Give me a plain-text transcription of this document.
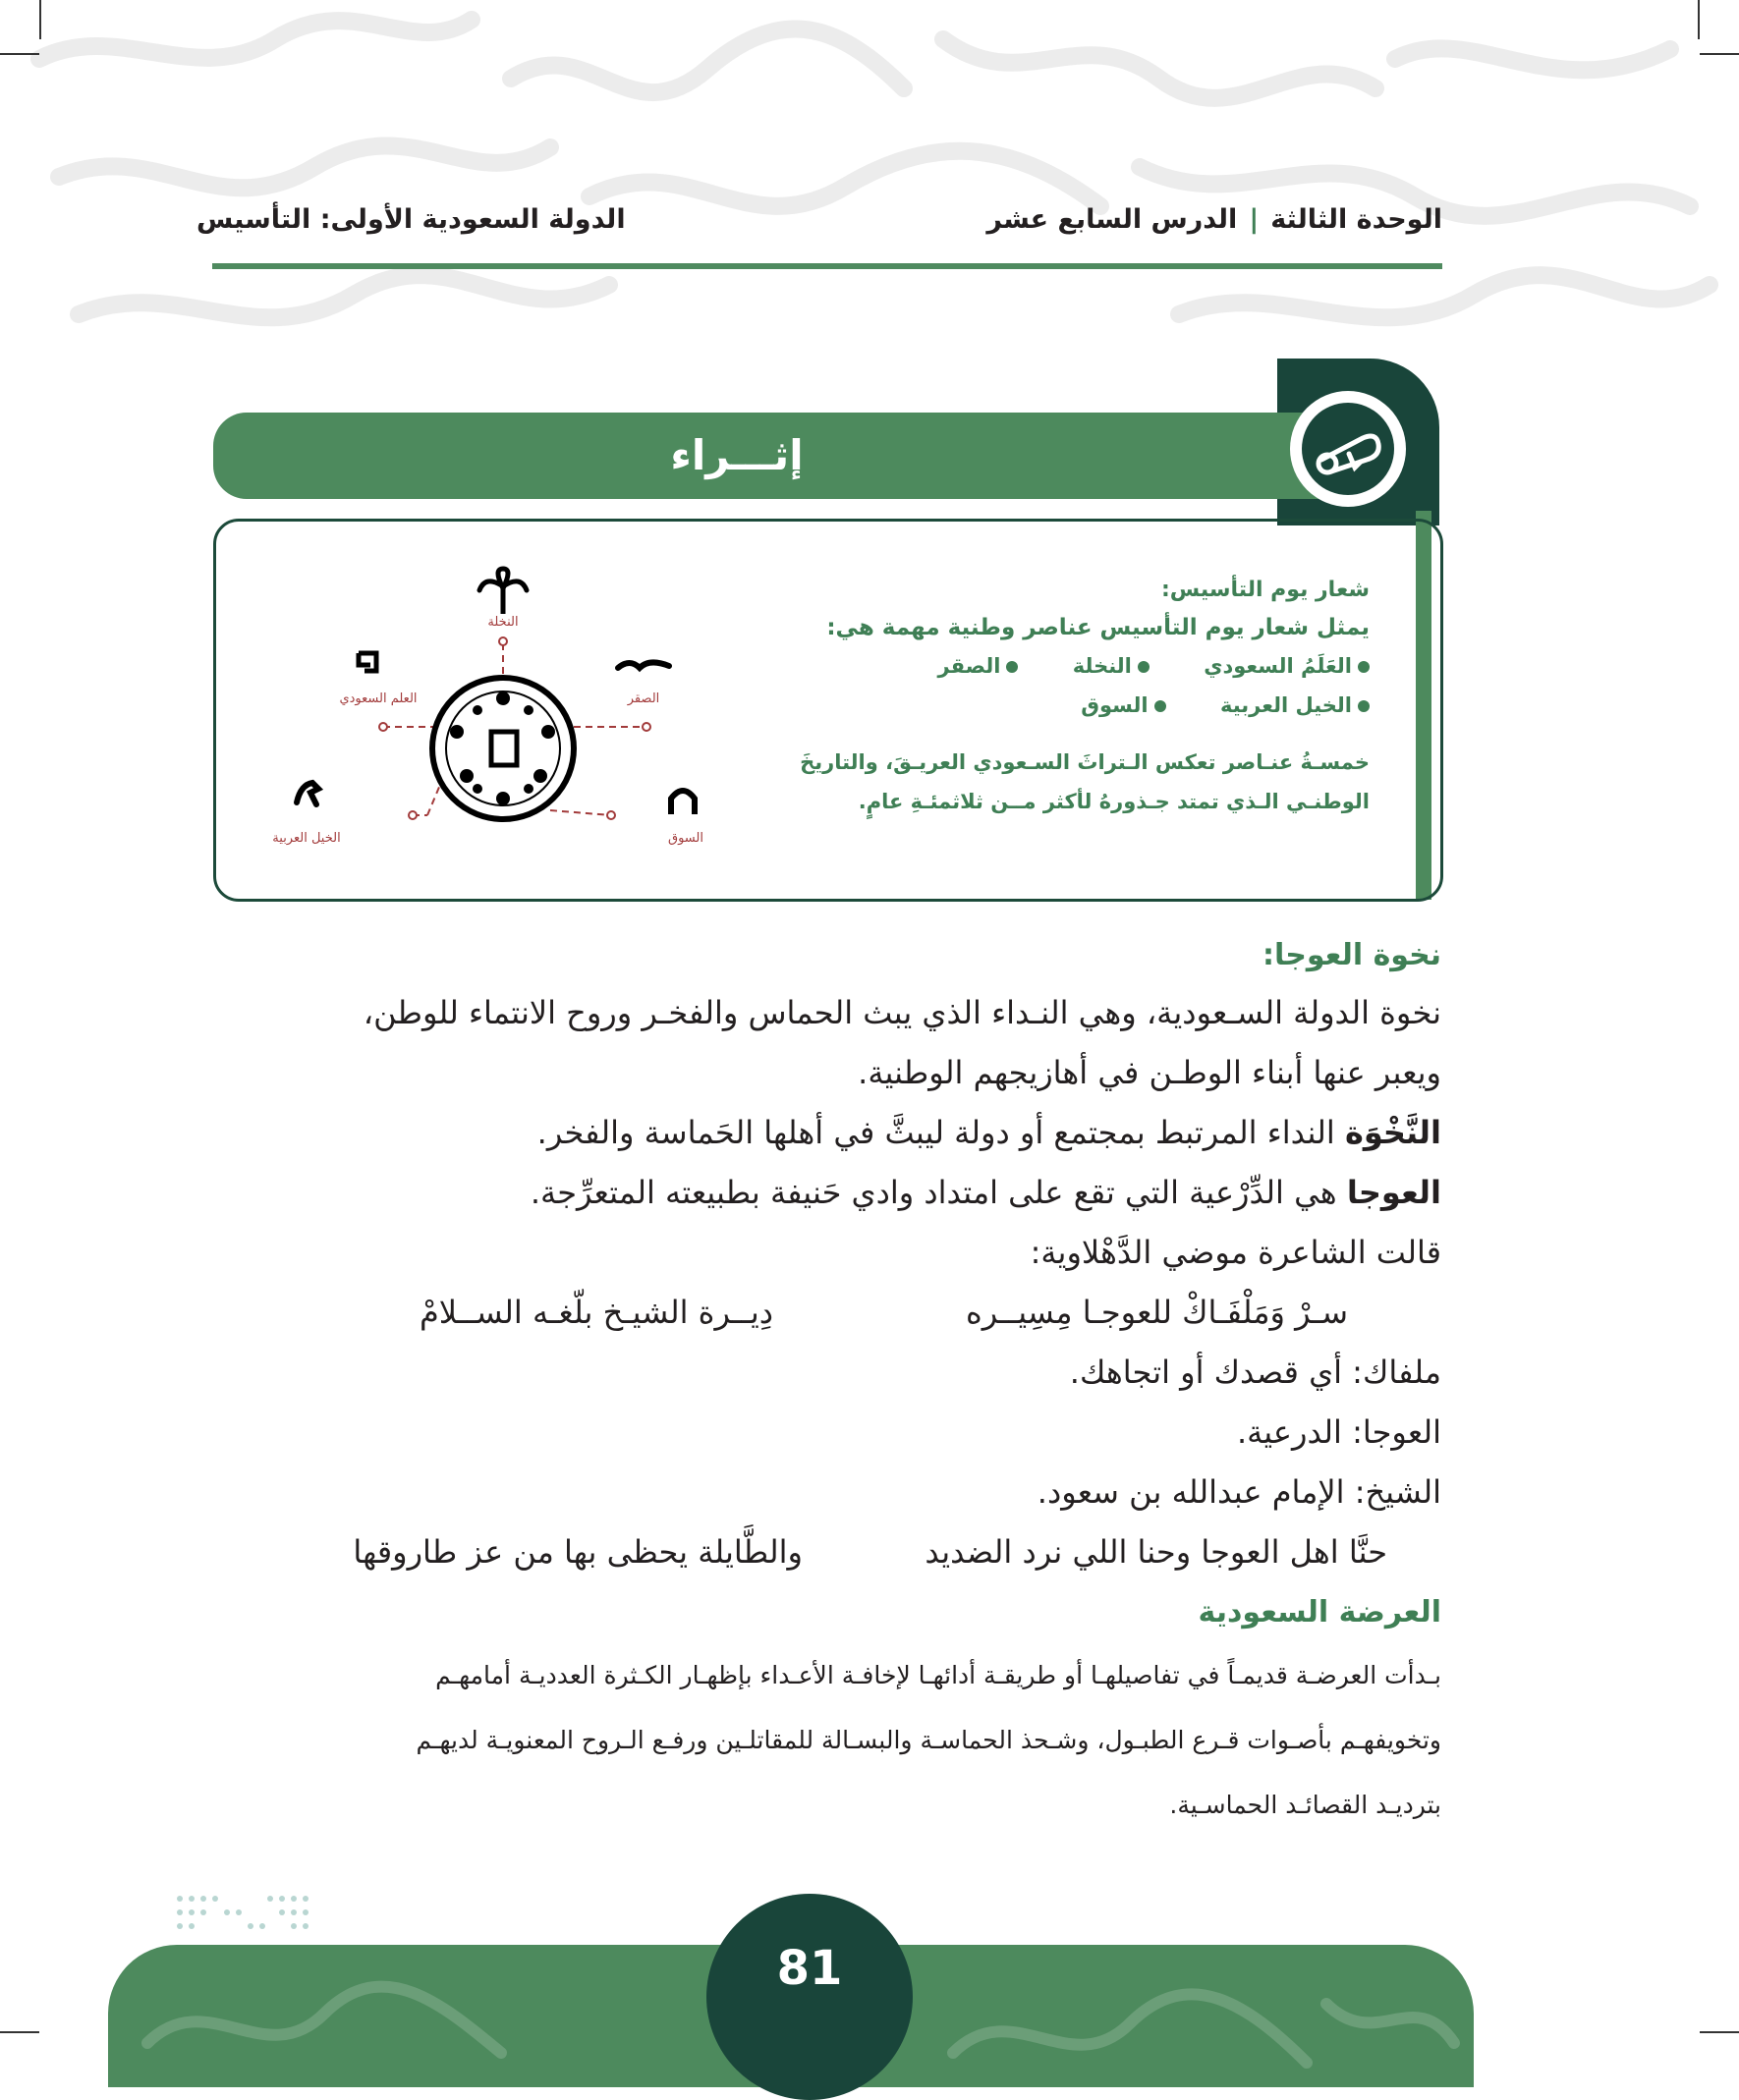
الوحدة الثالثة|الدرس السابع عشر
الدولة السعودية الأولى: التأسيس
إثـــراء
شعار يوم التأسيس:
يمثل شعار يوم التأسيس عناصر وطنية مهمة هي:
العَلَمُ السعودي النخلة الصقر
الخيل العربية السوق
خمسـةُ عنـاصر تعكس الـتراثَ السـعودي العريـقَ، والتاريخَ
الوطنـي الـذي تمتد جـذورهُ لأكثر مــن ثلاثمئـةِ عامٍ.
النخلة
العلم السعودي	الصقر
الخيل العربية	السوق
نخوة العوجا:

نخوة الدولة السـعودية، وهي النـداء الذي يبث الحماس والفخـر وروح الانتماء للوطن،

ويعبر عنها أبناء الوطـن في أهازيجهم الوطنية.

النَّخْوَة النداء المرتبط بمجتمع أو دولة ليبثَّ في أهلها الحَماسة والفخر.

العوجا هي الدِّرْعية التي تقع على امتداد وادي حَنيفة بطبيعته المتعرِّجة.

قالت الشاعرة موضي الدَّهْلاوية:

سـرْ وَمَلْفَـاكْ للعوجـا مِسِيــره
دِيــرة الشيـخ بلّغـه الســلامْ

ملفاك: أي قصدك أو اتجاهك.

العوجا: الدرعية.

الشيخ: الإمام عبدالله بن سعود.

حنَّا اهل العوجا وحنا اللي نرد الضديد
والطَّايلة يحظى بها من عز طاروقها
العرضة السعودية

بـدأت العرضـة قديمـاً في تفاصيلهـا أو طريقـة أدائهـا لإخافـة الأعـداء بإظهـار الكـثرة العدديـة أمامهـم

وتخويفهـم بأصـوات قـرع الطبـول، وشـحذ الحماسـة والبسـالة للمقاتلـين ورفـع الـروح المعنويـة لديهـم

بترديـد القصائـد الحماسـية.

81
